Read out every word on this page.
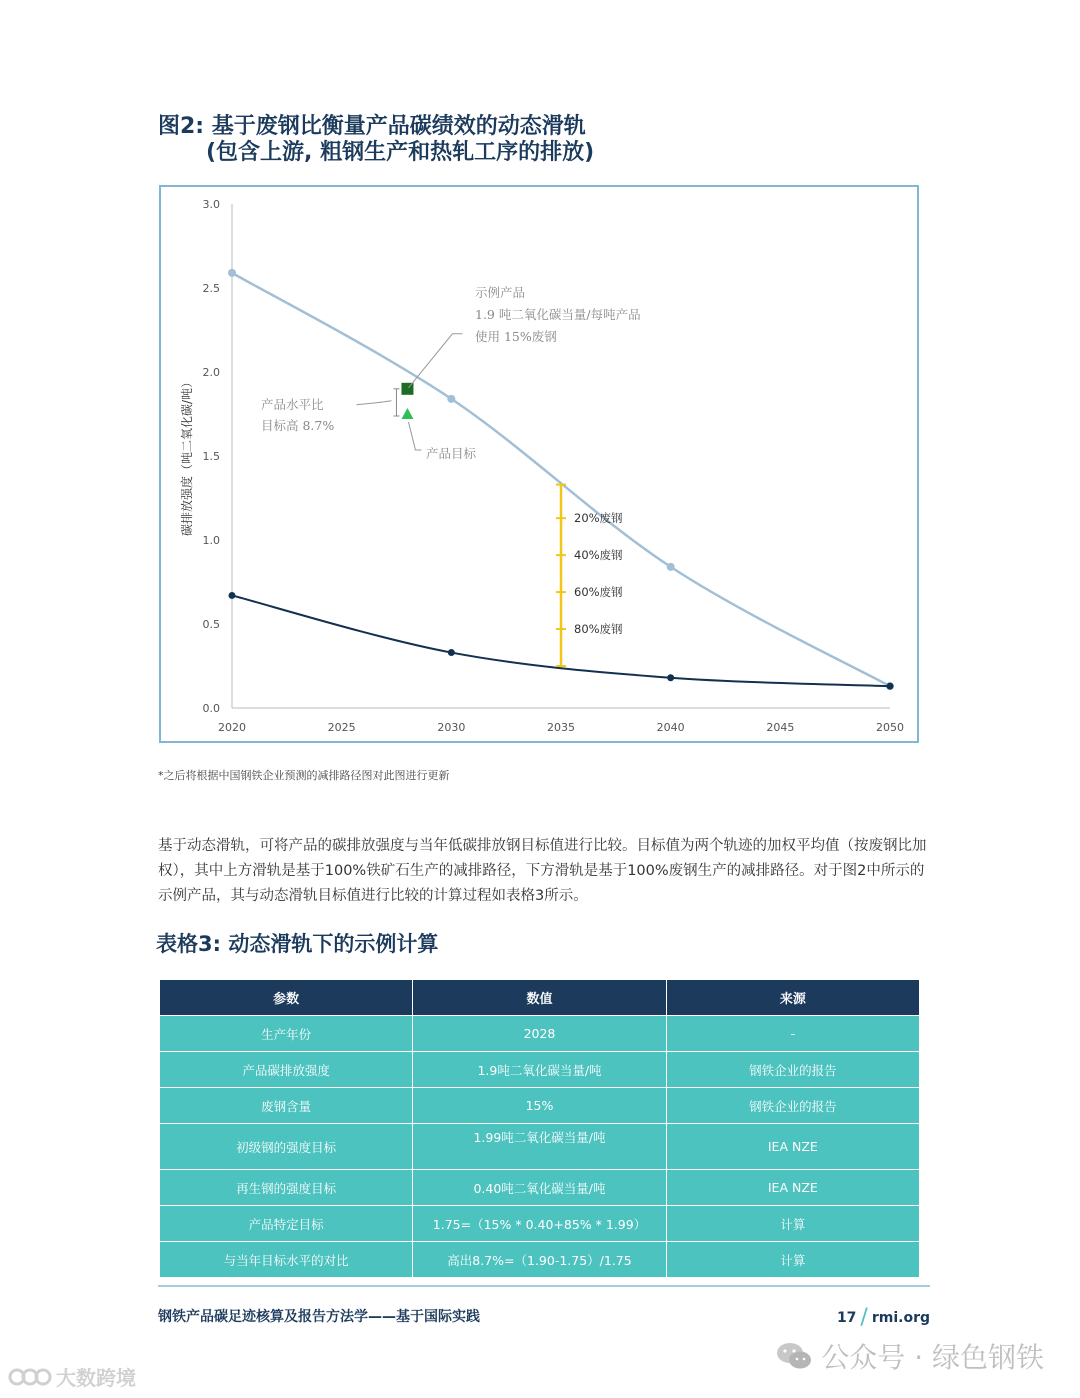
图2: 基于废钢比衡量产品碳绩效的动态滑轨
(包含上游, 粗钢生产和热轧工序的排放)
0.0
0.5
1.0
1.5
2.0
2.5
3.0
2020	2025	2030	2035	2040	2045	2050
碳排放强度（吨二氧化碳/吨）	20%废钢
40%废钢
60%废钢
80%废钢
示例产品
1.9 吨二氧化碳当量/每吨产品
使用 15%废钢
产品水平比
目标高 8.7%
产品目标
*之后将根据中国钢铁企业预测的减排路径图对此图进行更新
基于动态滑轨，可将产品的碳排放强度与当年低碳排放钢目标值进行比较。目标值为两个轨迹的加权平均值（按废钢比加权），其中上方滑轨是基于100%铁矿石生产的减排路径，下方滑轨是基于100%废钢生产的减排路径。对于图2中所示的示例产品，其与动态滑轨目标值进行比较的计算过程如表格3所示。
表格3: 动态滑轨下的示例计算
参数	数值	来源
生产年份	2028	-
产品碳排放强度	1.9吨二氧化碳当量/吨	钢铁企业的报告
废钢含量	15%	钢铁企业的报告
初级钢的强度目标	1.99吨二氧化碳当量/吨	IEA NZE
再生钢的强度目标	0.40吨二氧化碳当量/吨	IEA NZE
产品特定目标	1.75=（15% * 0.40+85% * 1.99）	计算
与当年目标水平的对比	高出8.7%=（1.90-1.75）/1.75	计算
钢铁产品碳足迹核算及报告方法学——基于国际实践	17 / rmi.org
公众号 · 绿色钢铁
大数跨境
